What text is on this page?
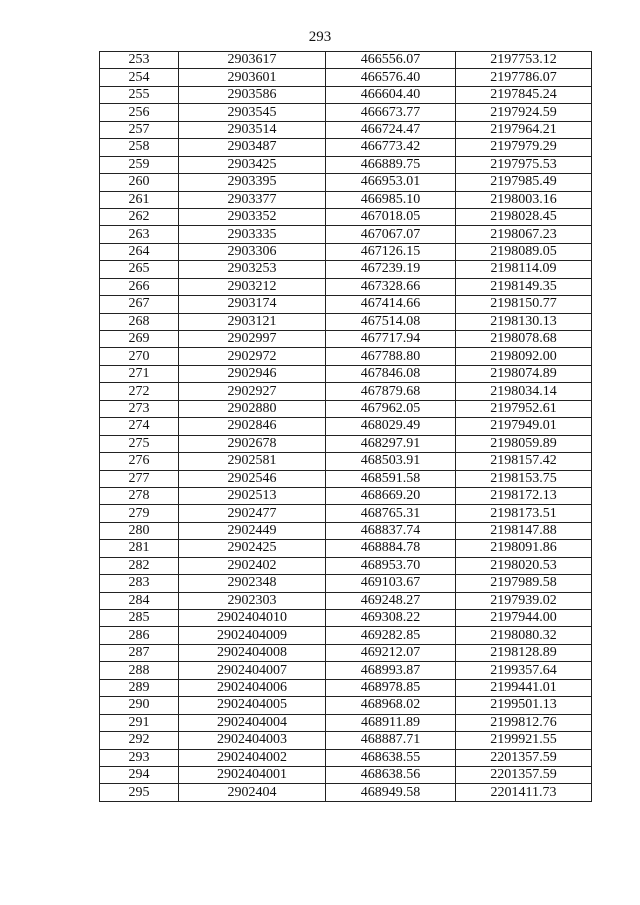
293
253	2903617	466556.07	2197753.12
254	2903601	466576.40	2197786.07
255	2903586	466604.40	2197845.24
256	2903545	466673.77	2197924.59
257	2903514	466724.47	2197964.21
258	2903487	466773.42	2197979.29
259	2903425	466889.75	2197975.53
260	2903395	466953.01	2197985.49
261	2903377	466985.10	2198003.16
262	2903352	467018.05	2198028.45
263	2903335	467067.07	2198067.23
264	2903306	467126.15	2198089.05
265	2903253	467239.19	2198114.09
266	2903212	467328.66	2198149.35
267	2903174	467414.66	2198150.77
268	2903121	467514.08	2198130.13
269	2902997	467717.94	2198078.68
270	2902972	467788.80	2198092.00
271	2902946	467846.08	2198074.89
272	2902927	467879.68	2198034.14
273	2902880	467962.05	2197952.61
274	2902846	468029.49	2197949.01
275	2902678	468297.91	2198059.89
276	2902581	468503.91	2198157.42
277	2902546	468591.58	2198153.75
278	2902513	468669.20	2198172.13
279	2902477	468765.31	2198173.51
280	2902449	468837.74	2198147.88
281	2902425	468884.78	2198091.86
282	2902402	468953.70	2198020.53
283	2902348	469103.67	2197989.58
284	2902303	469248.27	2197939.02
285	2902404010	469308.22	2197944.00
286	2902404009	469282.85	2198080.32
287	2902404008	469212.07	2198128.89
288	2902404007	468993.87	2199357.64
289	2902404006	468978.85	2199441.01
290	2902404005	468968.02	2199501.13
291	2902404004	468911.89	2199812.76
292	2902404003	468887.71	2199921.55
293	2902404002	468638.55	2201357.59
294	2902404001	468638.56	2201357.59
295	2902404	468949.58	2201411.73
